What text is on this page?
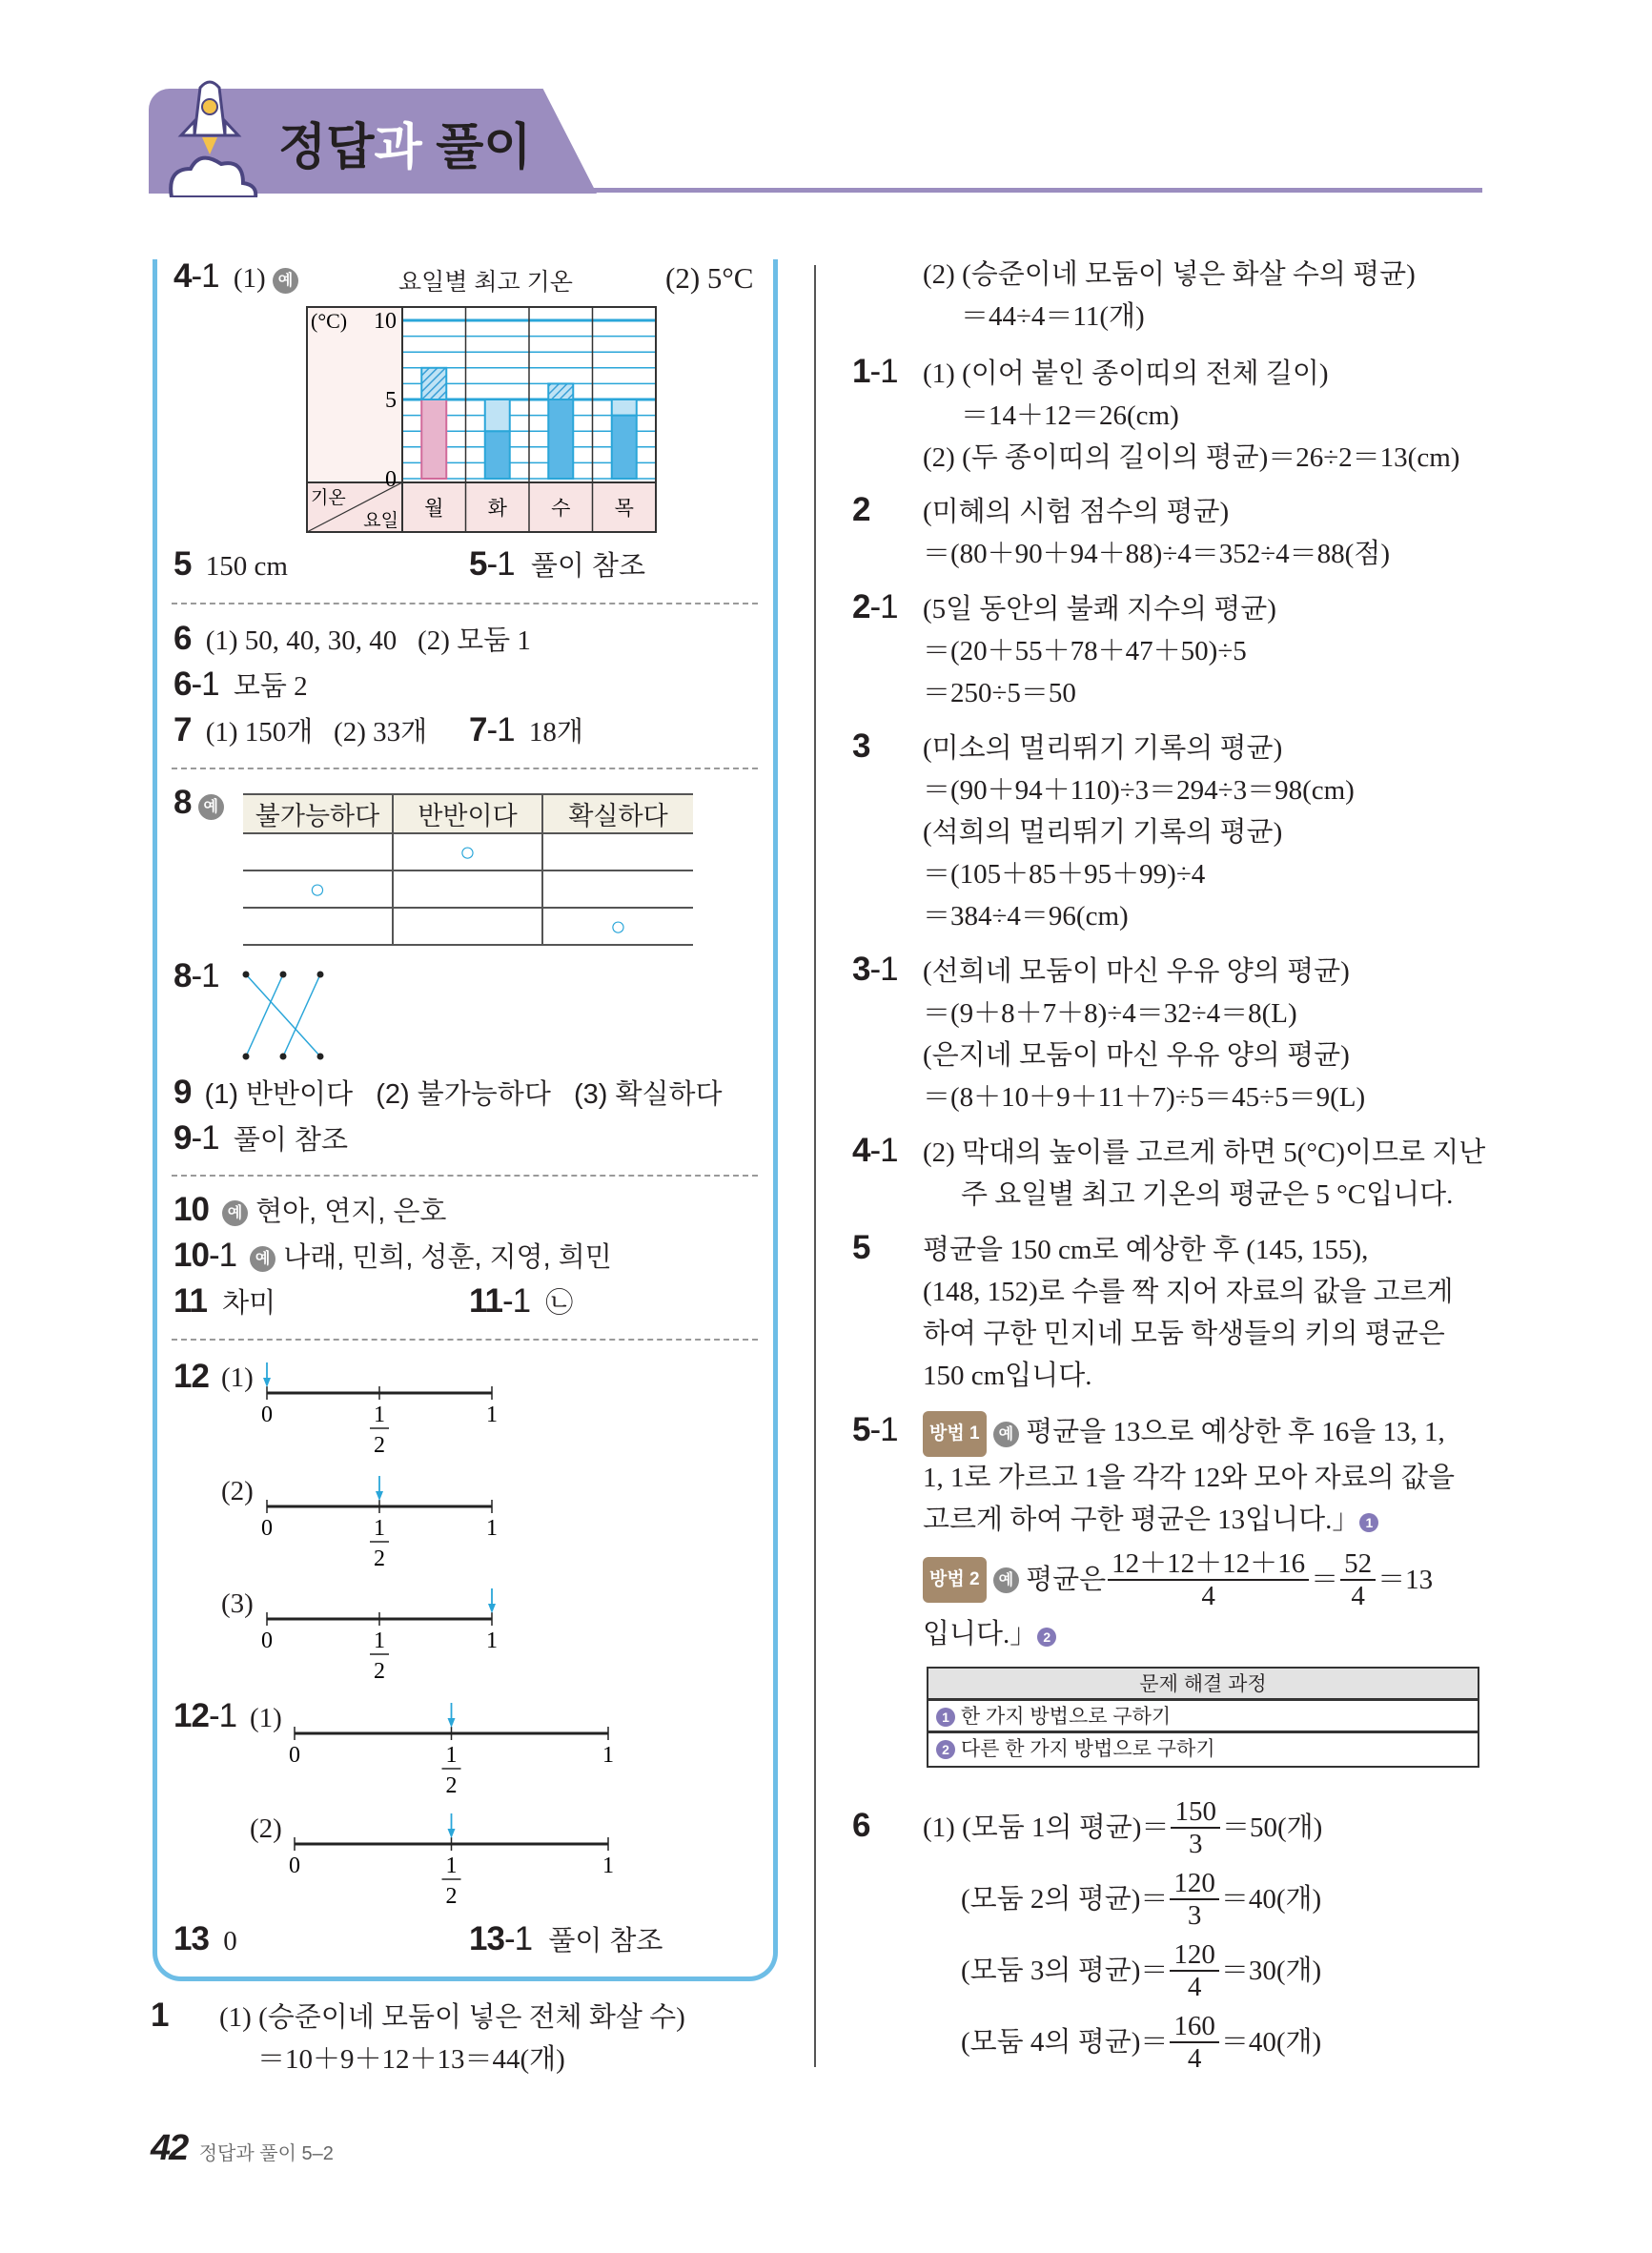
정답과 풀이
4-1 (1) 예	요일별 최고 기온	(2) 5°C
월 화 수 목
10
5
0
(°C)
기온
요일
5 150 cm	5-1 풀이 참조
6 (1) 50, 40, 30, 40   (2) 모둠 1
6-1 모둠 2
7 (1) 150개   (2) 33개 7-1 18개
8 예 불가능하다	반반이다	확실하다
	○	
○		
		○
8-1
9 (1) 반반이다   (2) 불가능하다   (3) 확실하다
9-1 풀이 참조
10 예 현아, 연지, 은호
10-1 예 나래, 민희, 성훈, 지영, 희민
11 차미	11-1 ㉡
12
12-1
(1)
0	1
1
2
(2)
0	1
1
2
(3)
0	1
1
2
(1)
0	1
1
2
(2)
0	1
1
2
13 0	13-1 풀이 참조
1 (1) (승준이네 모둠이 넣은 전체 화살 수)
＝10＋9＋12＋13＝44(개)
(2) (승준이네 모둠이 넣은 화살 수의 평균)
＝44÷4＝11(개)
1-1 (1) (이어 붙인 종이띠의 전체 길이)
＝14＋12＝26(cm)
(2) (두 종이띠의 길이의 평균)＝26÷2＝13(cm)
2 (미혜의 시험 점수의 평균)
＝(80＋90＋94＋88)÷4＝352÷4＝88(점)
2-1 (5일 동안의 불쾌 지수의 평균)
＝(20＋55＋78＋47＋50)÷5
＝250÷5＝50
3 (미소의 멀리뛰기 기록의 평균)
＝(90＋94＋110)÷3＝294÷3＝98(cm)
(석희의 멀리뛰기 기록의 평균)
＝(105＋85＋95＋99)÷4
＝384÷4＝96(cm)
3-1 (선희네 모둠이 마신 우유 양의 평균)
＝(9＋8＋7＋8)÷4＝32÷4＝8(L)
(은지네 모둠이 마신 우유 양의 평균)
＝(8＋10＋9＋11＋7)÷5＝45÷5＝9(L)
4-1 (2) 막대의 높이를 고르게 하면 5(°C)이므로 지난
주 요일별 최고 기온의 평균은 5 °C입니다.
5 평균을 150 cm로 예상한 후 (145, 155),
(148, 152)로 수를 짝 지어 자료의 값을 고르게
하여 구한 민지네 모둠 학생들의 키의 평균은
150 cm입니다.
5-1	방법 1 예 평균을 13으로 예상한 후 16을 13, 1,
1, 1로 가르고 1을 각각 12와 모아 자료의 값을
고르게 하여 구한 평균은 13입니다.」 1
방법 2
	예
평균은 $\frac{12+12+12+16}{4} = \frac{52}{4} =13$
입니다.」 2
문제 해결 과정
1 한 가지 방법으로 구하기
2 다른 한 가지 방법으로 구하기
6 (1) (모둠 1의 평균)＝ $\frac{150}{3} =50$(개)
(모둠 2의 평균)＝ $\frac{120}{3} =40$(개)
(모둠 3의 평균)＝ $\frac{120}{4} =30$(개)
(모둠 4의 평균)＝ $\frac{160}{4} =40$(개)
42 정답과 풀이 5–2
